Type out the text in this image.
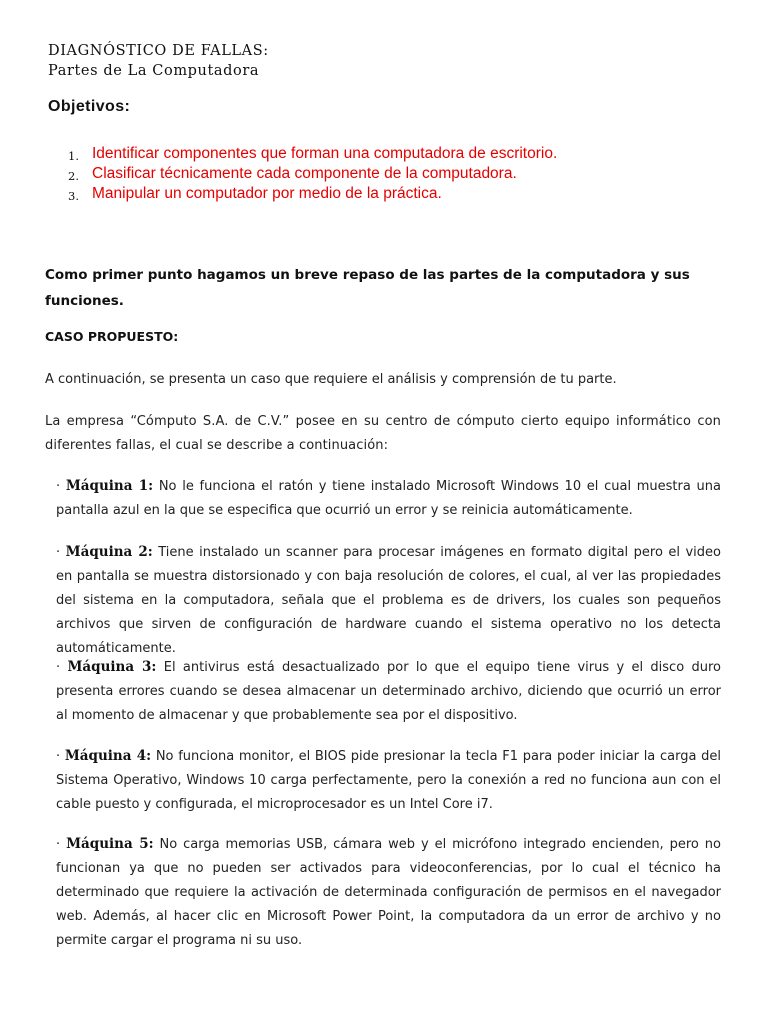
DIAGNÓSTICO DE FALLAS:
Partes de La Computadora
Objetivos:
1. Identificar componentes que forman una computadora de escritorio.
2. Clasificar técnicamente cada componente de la computadora.
3. Manipular un computador por medio de la práctica.
Como primer punto hagamos un breve repaso de las partes de la computadora y sus funciones.
CASO PROPUESTO:
A continuación, se presenta un caso que requiere el análisis y comprensión de tu parte.
La empresa “Cómputo S.A. de C.V.” posee en su centro de cómputo cierto equipo informático con diferentes fallas, el cual se describe a continuación:
· Máquina 1: No le funciona el ratón y tiene instalado Microsoft Windows 10 el cual muestra una pantalla azul en la que se especifica que ocurrió un error y se reinicia automáticamente.
· Máquina 2: Tiene instalado un scanner para procesar imágenes en formato digital pero el video en pantalla se muestra distorsionado y con baja resolución de colores, el cual, al ver las propiedades del sistema en la computadora, señala que el problema es de drivers, los cuales son pequeños archivos que sirven de configuración de hardware cuando el sistema operativo no los detecta automáticamente.
· Máquina 3: El antivirus está desactualizado por lo que el equipo tiene virus y el disco duro presenta errores cuando se desea almacenar un determinado archivo, diciendo que ocurrió un error al momento de almacenar y que probablemente sea por el dispositivo.
· Máquina 4: No funciona monitor, el BIOS pide presionar la tecla F1 para poder iniciar la carga del Sistema Operativo, Windows 10 carga perfectamente, pero la conexión a red no funciona aun con el cable puesto y configurada, el microprocesador es un Intel Core i7.
· Máquina 5: No carga memorias USB, cámara web y el micrófono integrado encienden, pero no funcionan ya que no pueden ser activados para videoconferencias, por lo cual el técnico ha determinado que requiere la activación de determinada configuración de permisos en el navegador web. Además, al hacer clic en Microsoft Power Point, la computadora da un error de archivo y no permite cargar el programa ni su uso.
